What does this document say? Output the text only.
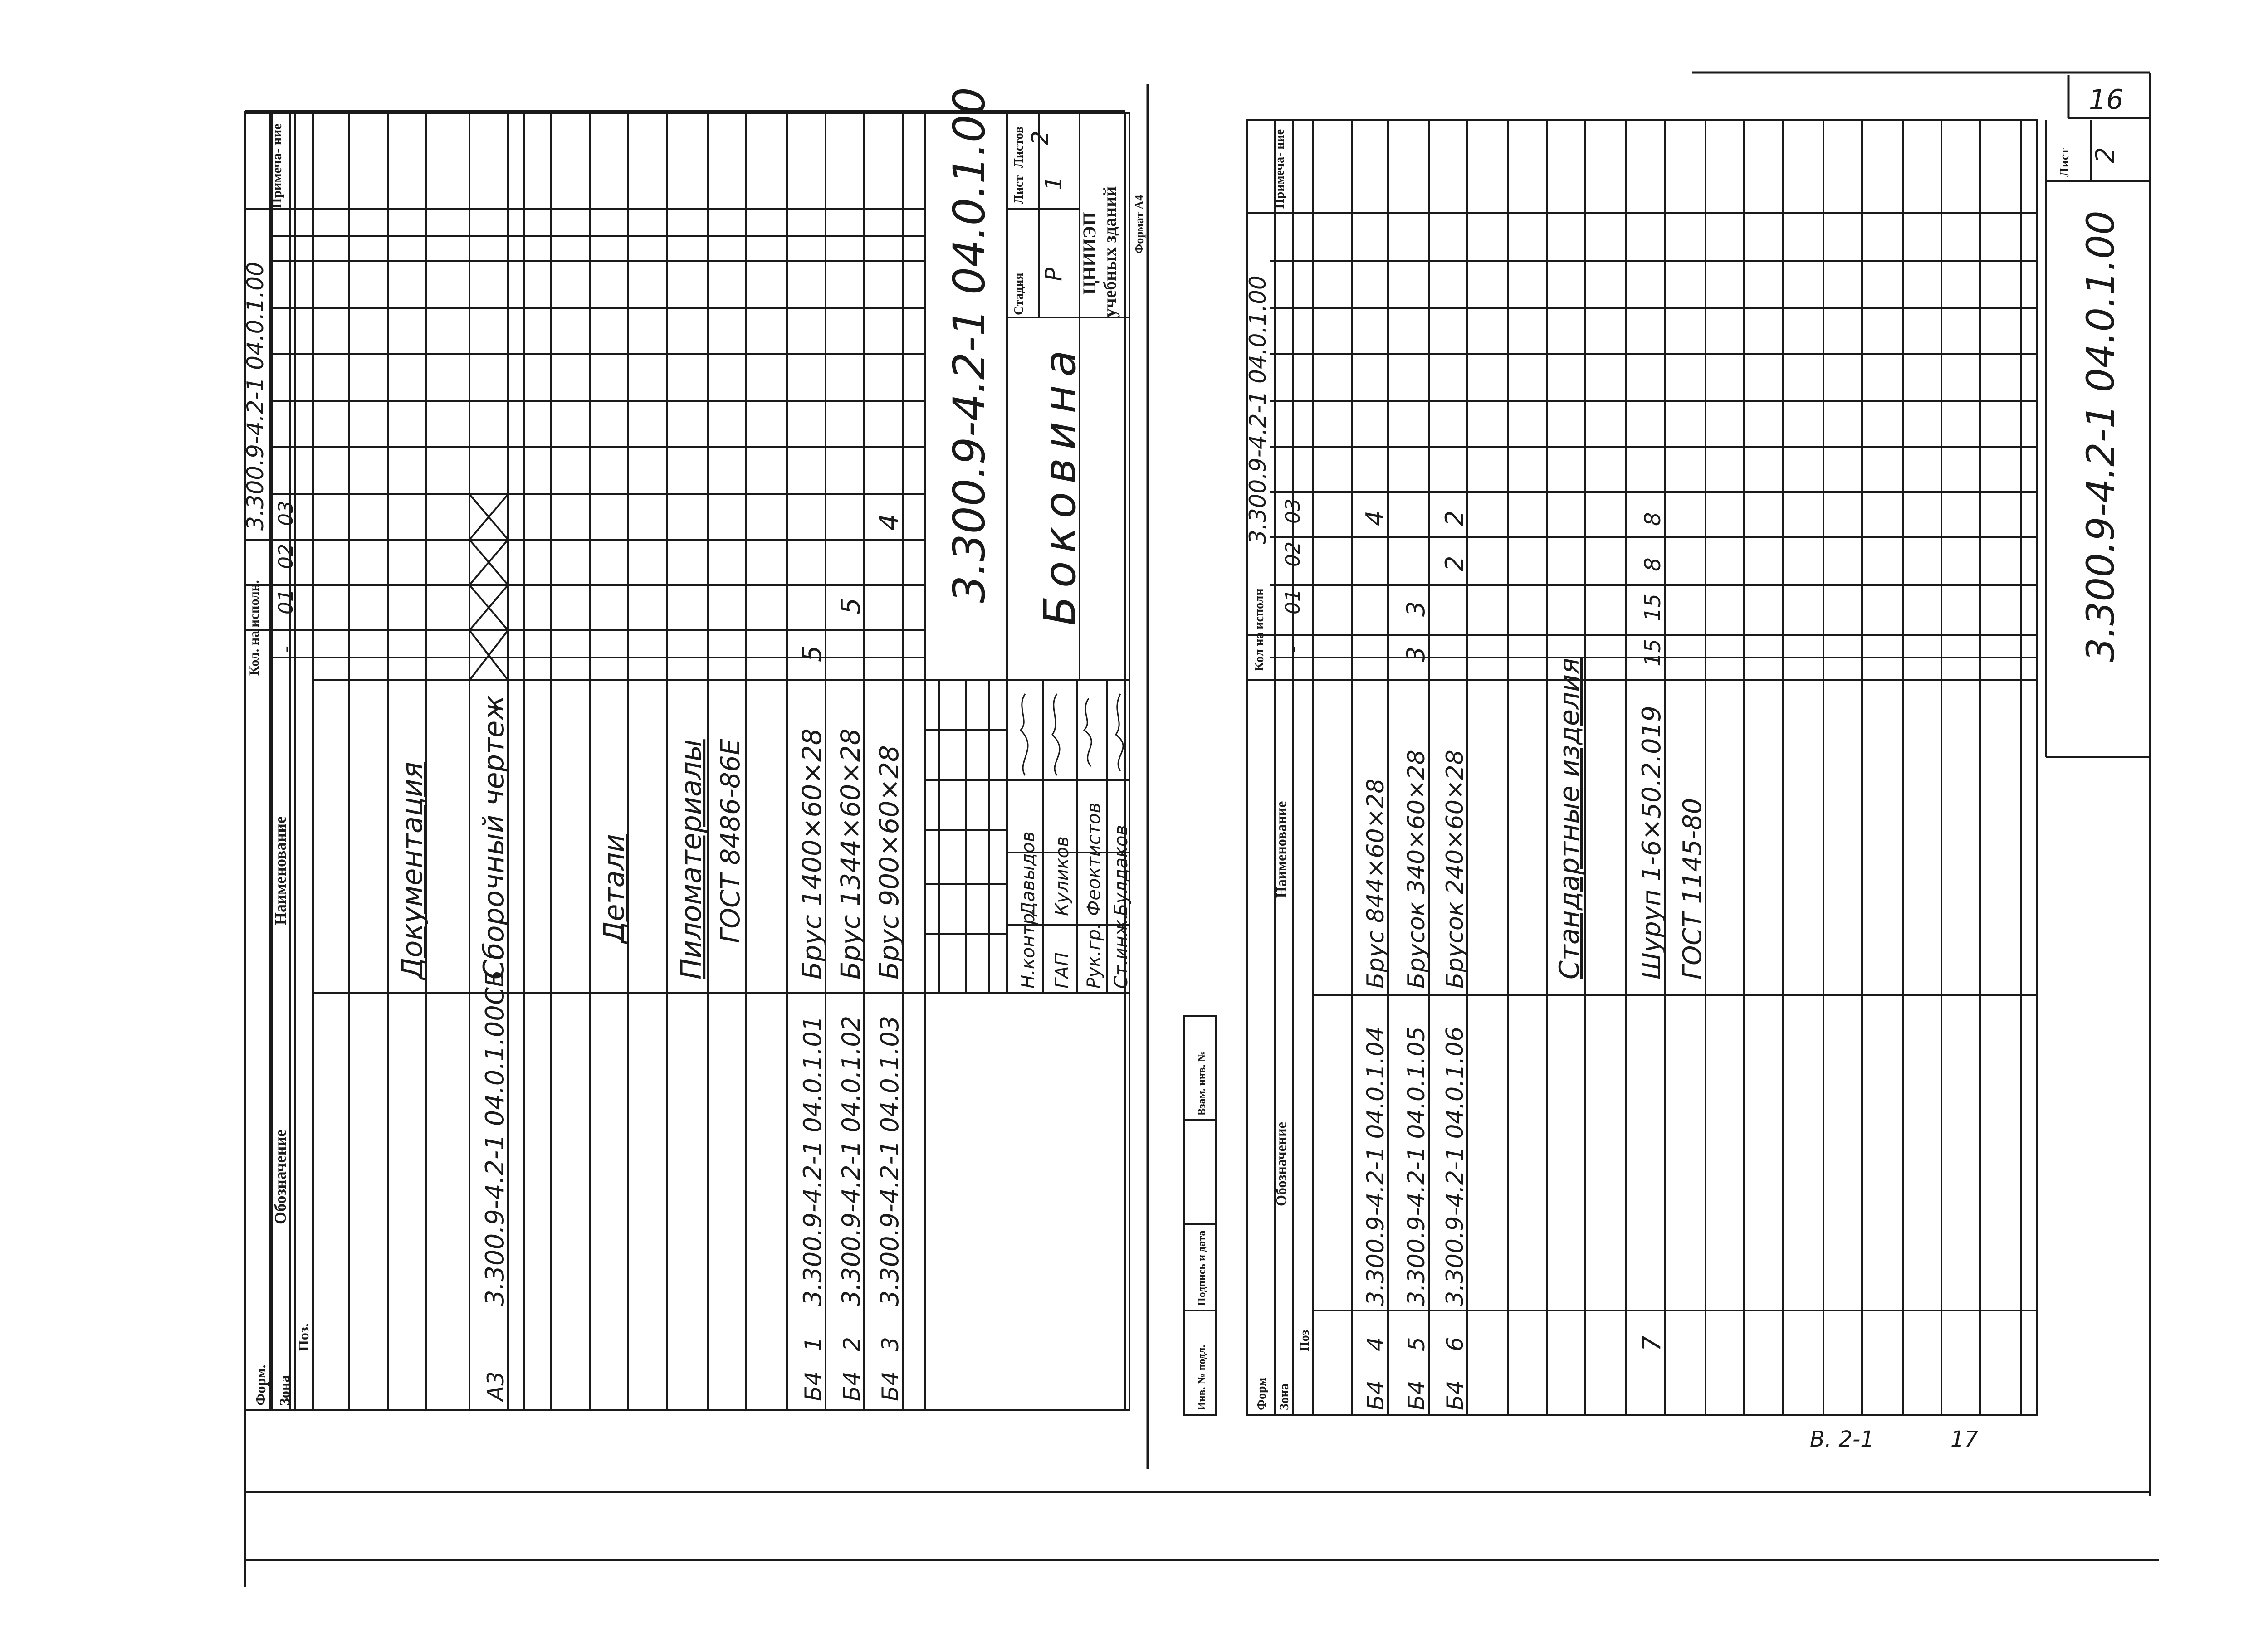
16
Форм. Зона
Поз.
Обозначение
Наименование
Кол. на исполн.
3.300.9-4.2-1 04.0.1.00
-
01
02
03
Примеча- ние
Документация
А3
3.300.9-4.2-1 04.0.1.00СБ
Сборочный чертеж	Детали Пиломатериалы ГОСТ 8486-86Е
Б4
1
3.300.9-4.2-1 04.0.1.01
Брус 1400×60×28
5
Б4
2
3.300.9-4.2-1 04.0.1.02
Брус 1344×60×28
5
Б4
3
3.300.9-4.2-1 04.0.1.03
Брус 900×60×28
4 3.300.9-4.2-1 04.0.1.00 Боковина
Стадия
Лист
Листов
Р
1
2
ЦНИИЭП учебных зданий Формат А4
Н.контр.
Давыдов
ГАП
Куликов
Рук.гр.
Феоктистов
Ст.инж.
Булдаков
Инв. № подл.
Подпись и дата
Взам. инв. №
Форм Зона
Поз
Обозначение
Наименование
Кол на исполн
3.300.9-4.2-1 04.0.1.00
-
01
02
03
Примеча- ние
Б4
4
3.300.9-4.2-1 04.0.1.04
Брус 844×60×28
4
Б4
5
3.300.9-4.2-1 04.0.1.05
Брусок 340×60×28
3
3
Б4
6
3.300.9-4.2-1 04.0.1.06
Брусок 240×60×28
2
2
Стандартные изделия Шуруп 1-6×50.2.019
7
ГОСТ 1145-80
15
15
8
8
Лист 2
3.300.9-4.2-1 04.0.1.00
В. 2-1	17
